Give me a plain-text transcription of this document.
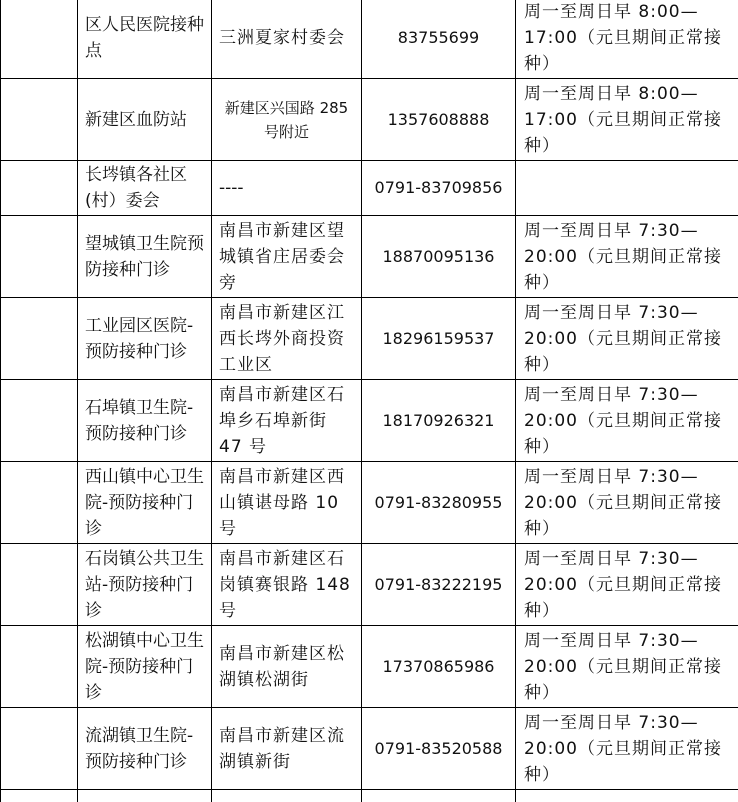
	区人民医院接种点	三洲夏家村委会	83755699	周一至周日早 8:00—17:00（元旦期间正常接种）
	新建区血防站	新建区兴国路 285 号附近	1357608888	周一至周日早 8:00—17:00（元旦期间正常接种）
	长埁镇各社区(村）委会	----	0791-83709856	
	望城镇卫生院预防接种门诊	南昌市新建区望城镇省庄居委会旁	18870095136	周一至周日早 7:30—20:00（元旦期间正常接种）
	工业园区医院-预防接种门诊	南昌市新建区江西长埁外商投资工业区	18296159537	周一至周日早 7:30—20:00（元旦期间正常接种）
	石埠镇卫生院-预防接种门诊	南昌市新建区石埠乡石埠新街 47 号	18170926321	周一至周日早 7:30—20:00（元旦期间正常接种）
	西山镇中心卫生院-预防接种门诊	南昌市新建区西山镇谌母路 10 号	0791-83280955	周一至周日早 7:30—20:00（元旦期间正常接种）
	石岗镇公共卫生站-预防接种门诊	南昌市新建区石岗镇赛银路 148 号	0791-83222195	周一至周日早 7:30—20:00（元旦期间正常接种）
	松湖镇中心卫生院-预防接种门诊	南昌市新建区松湖镇松湖街	17370865986	周一至周日早 7:30—20:00（元旦期间正常接种）
	流湖镇卫生院-预防接种门诊	南昌市新建区流湖镇新街	0791-83520588	周一至周日早 7:30—20:00（元旦期间正常接种）
